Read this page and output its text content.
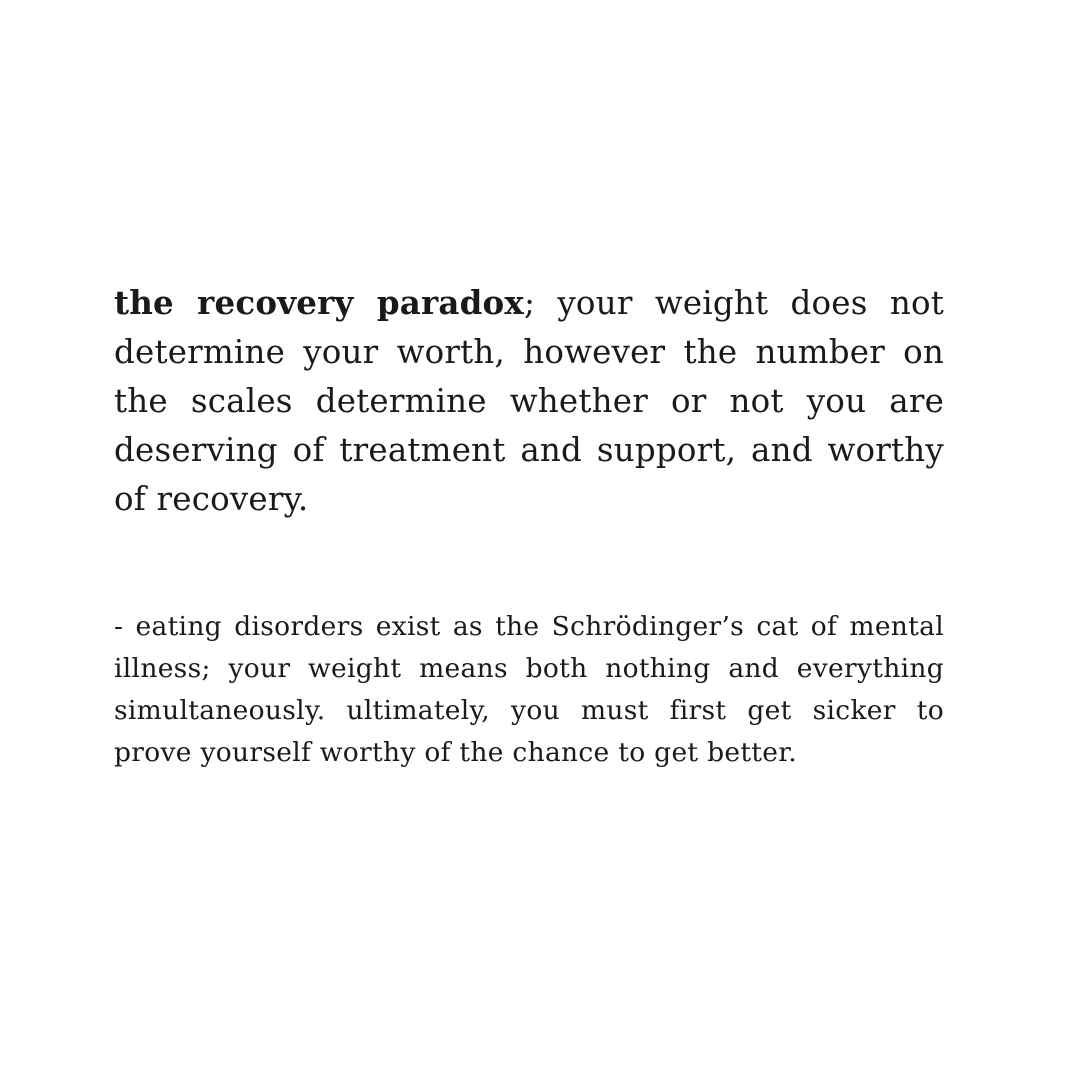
the recovery paradox; your weight does not determine your worth, however the number on the scales determine whether or not you are deserving of treatment and support, and worthy of recovery.
- eating disorders exist as the Schrödinger’s cat of mental illness; your weight means both nothing and everything simultaneously. ultimately, you must first get sicker to prove yourself worthy of the chance to get better.
